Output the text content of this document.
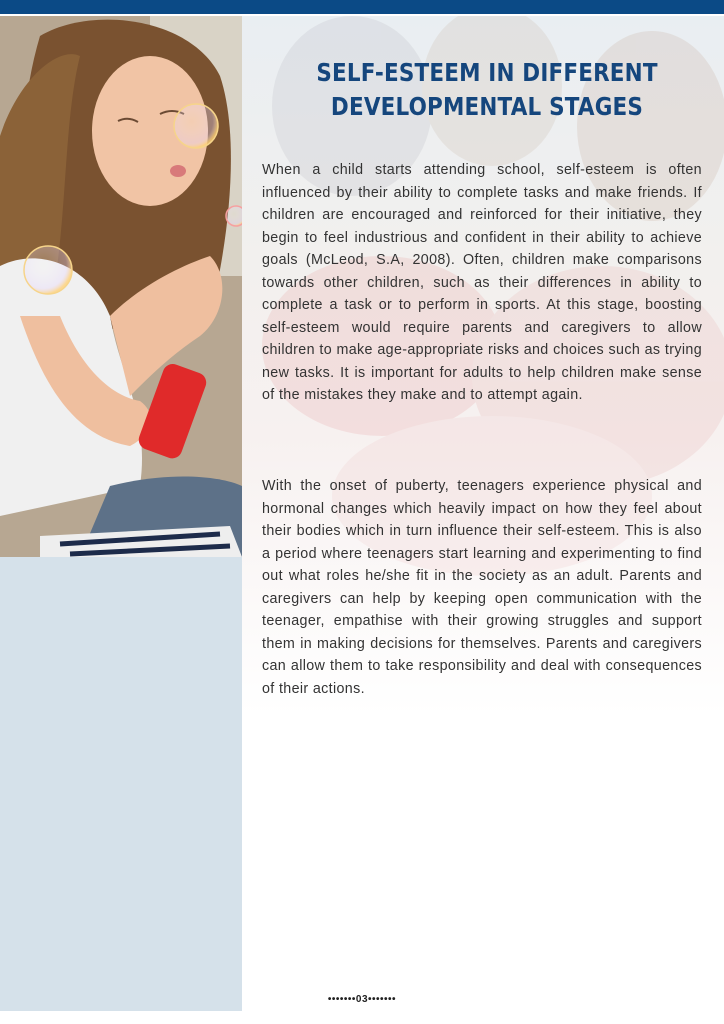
SELF-ESTEEM IN DIFFERENT DEVELOPMENTAL STAGES

When a child starts attending school, self-esteem is often influenced by their ability to complete tasks and make friends. If children are encouraged and reinforced for their initiative, they begin to feel industrious and confident in their ability to achieve goals (McLeod, S.A, 2008). Often, children make comparisons towards other children, such as their differences in ability to complete a task or to perform in sports. At this stage, boosting self-esteem would require parents and caregivers to allow children to make age-appropriate risks and choices such as trying new tasks. It is important for adults to help children make sense of the mistakes they make and to attempt again.

With the onset of puberty, teenagers experience physical and hormonal changes which heavily impact on how they feel about their bodies which in turn influence their self-esteem. This is also a period where teenagers start learning and experimenting to find out what roles he/she fit in the society as an adult. Parents and caregivers can help by keeping open communication with the teenager, empathise with their growing struggles and support them in making decisions for themselves. Parents and caregivers can allow them to take responsibility and deal with consequences of their actions.

•••••••03•••••••
